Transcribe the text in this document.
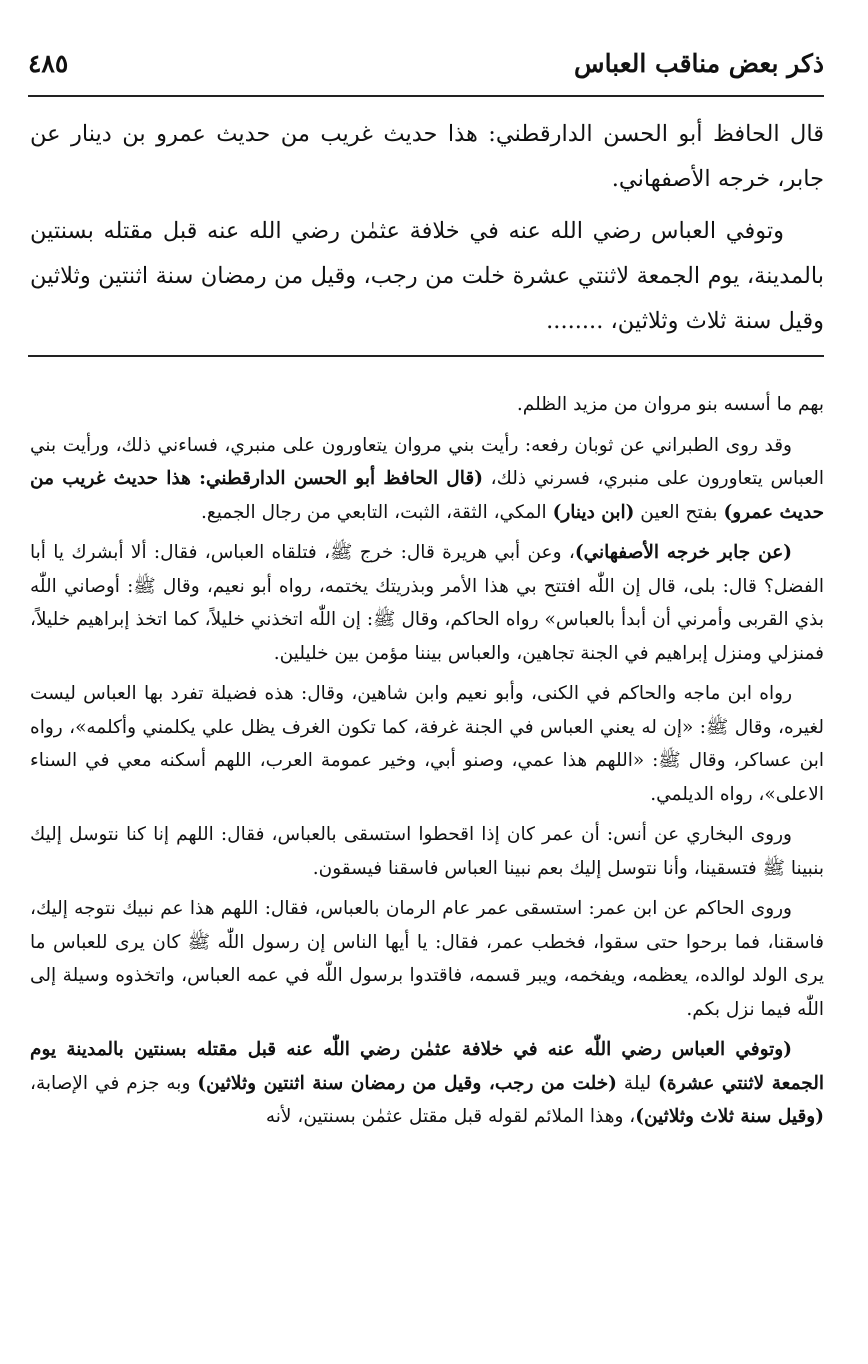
ذكر بعض مناقب العباس
٤٨٥

قال الحافظ أبو الحسن الدارقطني: هذا حديث غريب من حديث عمرو بن دينار عن جابر، خرجه الأصفهاني.

وتوفي العباس رضي الله عنه في خلافة عثمٰن رضي الله عنه قبل مقتله بسنتين بالمدينة، يوم الجمعة لاثنتي عشرة خلت من رجب، وقيل من رمضان سنة اثنتين وثلاثين وقيل سنة ثلاث وثلاثين، ........

بهم ما أسسه بنو مروان من مزيد الظلم.

وقد روى الطبراني عن ثوبان رفعه: رأيت بني مروان يتعاورون على منبري، فساءني ذلك، ورأيت بني العباس يتعاورون على منبري، فسرني ذلك، (قال الحافظ أبو الحسن الدارقطني: هذا حديث غريب من حديث عمرو) بفتح العين (ابن دينار) المكي، الثقة، الثبت، التابعي من رجال الجميع.

(عن جابر خرجه الأصفهاني)، وعن أبي هريرة قال: خرج ﷺ، فتلقاه العباس، فقال: ألا أبشرك يا أبا الفضل؟ قال: بلى، قال إن اللّٰه افتتح بي هذا الأمر وبذريتك يختمه، رواه أبو نعيم، وقال ﷺ: أوصاني اللّٰه بذي القربى وأمرني أن أبدأ بالعباس» رواه الحاكم، وقال ﷺ: إن اللّٰه اتخذني خليلاً، كما اتخذ إبراهيم خليلاً، فمنزلي ومنزل إبراهيم في الجنة تجاهين، والعباس بيننا مؤمن بين خليلين.

رواه ابن ماجه والحاكم في الكنى، وأبو نعيم وابن شاهين، وقال: هذه فضيلة تفرد بها العباس ليست لغيره، وقال ﷺ: «إن له يعني العباس في الجنة غرفة، كما تكون الغرف يظل علي يكلمني وأكلمه»، رواه ابن عساكر، وقال ﷺ: «اللهم هذا عمي، وصنو أبي، وخير عمومة العرب، اللهم أسكنه معي في السناء الاعلى»، رواه الديلمي.

وروى البخاري عن أنس: أن عمر كان إذا اقحطوا استسقى بالعباس، فقال: اللهم إنا كنا نتوسل إليك بنبينا ﷺ فتسقينا، وأنا نتوسل إليك بعم نبينا العباس فاسقنا فيسقون.

وروى الحاكم عن ابن عمر: استسقى عمر عام الرمان بالعباس، فقال: اللهم هذا عم نبيك نتوجه إليك، فاسقنا، فما برحوا حتى سقوا، فخطب عمر، فقال: يا أيها الناس إن رسول اللّٰه ﷺ كان يرى للعباس ما يرى الولد لوالده، يعظمه، ويفخمه، ويبر قسمه، فاقتدوا برسول اللّٰه في عمه العباس، واتخذوه وسيلة إلى اللّٰه فيما نزل بكم.

(وتوفي العباس رضي اللّٰه عنه في خلافة عثمٰن رضي اللّٰه عنه قبل مقتله بسنتين بالمدينة يوم الجمعة لاثنتي عشرة) ليلة (خلت من رجب، وقيل من رمضان سنة اثنتين وثلاثين) وبه جزم في الإصابة، (وقيل سنة ثلاث وثلاثين)، وهذا الملائم لقوله قبل مقتل عثمٰن بسنتين، لأنه
